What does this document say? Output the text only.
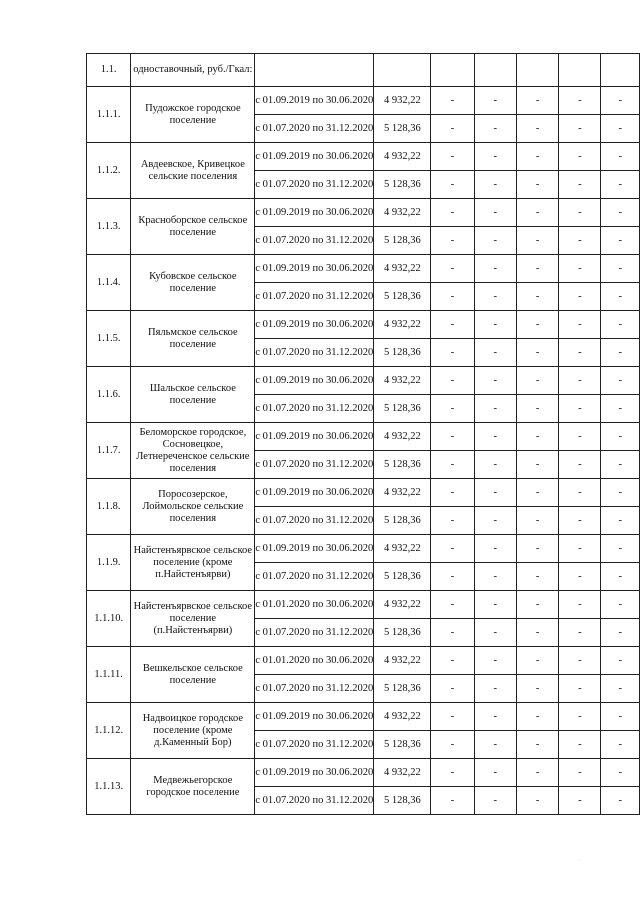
1.1.	одноставочный, руб./Гкал:							
1.1.1.	Пудожское городское поселение	с 01.09.2019 по 30.06.2020	4 932,22	-	-	-	-	-
		с 01.07.2020 по 31.12.2020	5 128,36	-	-	-	-	-
1.1.2.	Авдеевское, Кривецкое сельские поселения	с 01.09.2019 по 30.06.2020	4 932,22	-	-	-	-	-
		с 01.07.2020 по 31.12.2020	5 128,36	-	-	-	-	-
1.1.3.	Красноборское сельское поселение	с 01.09.2019 по 30.06.2020	4 932,22	-	-	-	-	-
		с 01.07.2020 по 31.12.2020	5 128,36	-	-	-	-	-
1.1.4.	Кубовское сельское поселение	с 01.09.2019 по 30.06.2020	4 932,22	-	-	-	-	-
		с 01.07.2020 по 31.12.2020	5 128,36	-	-	-	-	-
1.1.5.	Пяльмское сельское поселение	с 01.09.2019 по 30.06.2020	4 932,22	-	-	-	-	-
		с 01.07.2020 по 31.12.2020	5 128,36	-	-	-	-	-
1.1.6.	Шальское сельское поселение	с 01.09.2019 по 30.06.2020	4 932,22	-	-	-	-	-
		с 01.07.2020 по 31.12.2020	5 128,36	-	-	-	-	-
1.1.7.	Беломорское городское, Сосновецкое, Летнереченское сельские поселения	с 01.09.2019 по 30.06.2020	4 932,22	-	-	-	-	-
		с 01.07.2020 по 31.12.2020	5 128,36	-	-	-	-	-
1.1.8.	Поросозерское, Лоймольское сельские поселения	с 01.09.2019 по 30.06.2020	4 932,22	-	-	-	-	-
		с 01.07.2020 по 31.12.2020	5 128,36	-	-	-	-	-
1.1.9.	Найстенъярвское сельское поселение (кроме п.Найстенъярви)	с 01.09.2019 по 30.06.2020	4 932,22	-	-	-	-	-
		с 01.07.2020 по 31.12.2020	5 128,36	-	-	-	-	-
1.1.10.	Найстенъярвское сельское поселение (п.Найстенъярви)	с 01.01.2020 по 30.06.2020	4 932,22	-	-	-	-	-
		с 01.07.2020 по 31.12.2020	5 128,36	-	-	-	-	-
1.1.11.	Вешкельское сельское поселение	с 01.01.2020 по 30.06.2020	4 932,22	-	-	-	-	-
		с 01.07.2020 по 31.12.2020	5 128,36	-	-	-	-	-
1.1.12.	Надвоицкое городское поселение (кроме д.Каменный Бор)	с 01.09.2019 по 30.06.2020	4 932,22	-	-	-	-	-
		с 01.07.2020 по 31.12.2020	5 128,36	-	-	-	-	-
1.1.13.	Медвежьегорское городское поселение	с 01.09.2019 по 30.06.2020	4 932,22	-	-	-	-	-
		с 01.07.2020 по 31.12.2020	5 128,36	-	-	-	-	-
·
